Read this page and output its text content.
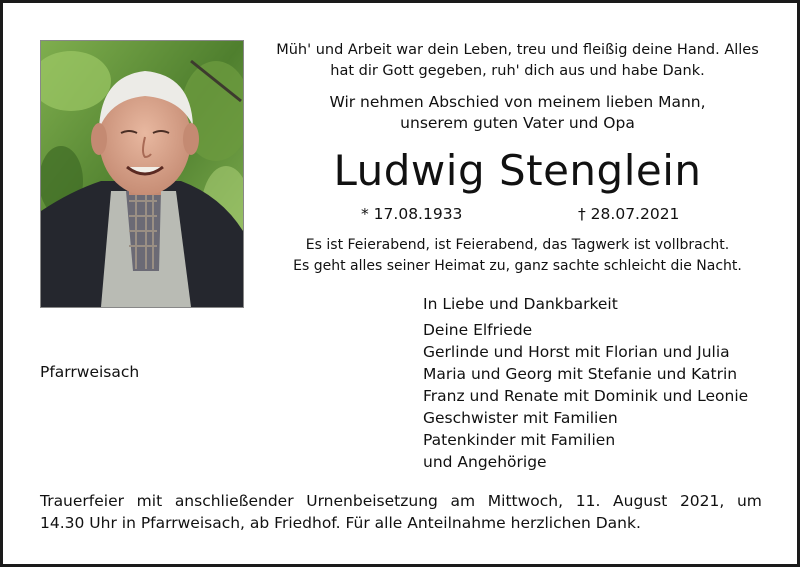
Müh' und Arbeit war dein Leben, treu und fleißig deine Hand. Alles
hat dir Gott gegeben, ruh' dich aus und habe Dank.
Wir nehmen Abschied von meinem lieben Mann,
unserem guten Vater und Opa
Ludwig Stenglein
* 17.08.1933	† 28.07.2021
Es ist Feierabend, ist Feierabend, das Tagwerk ist vollbracht.
Es geht alles seiner Heimat zu, ganz sachte schleicht die Nacht.
Pfarrweisach
In Liebe und Dankbarkeit
Deine Elfriede
Gerlinde und Horst mit Florian und Julia
Maria und Georg mit Stefanie und Katrin
Franz und Renate mit Dominik und Leonie
Geschwister mit Familien
Patenkinder mit Familien
und Angehörige
Trauerfeier mit anschließender Urnenbeisetzung am Mittwoch, 11. August 2021, um
14.30 Uhr in Pfarrweisach, ab Friedhof. Für alle Anteilnahme herzlichen Dank.
